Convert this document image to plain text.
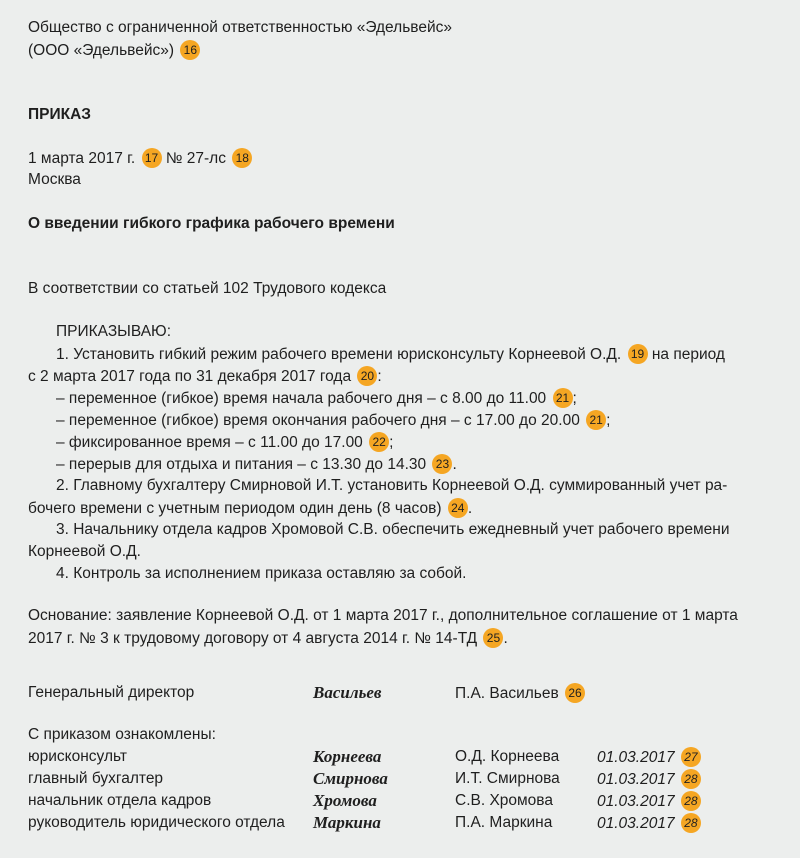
Общество с ограниченной ответственностью «Эдельвейс»
(ООО «Эдельвейс») 16
ПРИКАЗ
1 марта 2017 г. 17 № 27-лс 18
Москва
О введении гибкого графика рабочего времени
В соответствии со статьей 102 Трудового кодекса
ПРИКАЗЫВАЮ:
1. Установить гибкий режим рабочего времени юрисконсульту Корнеевой О.Д. 19 на период
с 2 марта 2017 года по 31 декабря 2017 года 20 :
– переменное (гибкое) время начала рабочего дня – с 8.00 до 11.00 21 ;
– переменное (гибкое) время окончания рабочего дня – с 17.00 до 20.00 21 ;
– фиксированное время – с 11.00 до 17.00 22 ;
– перерыв для отдыха и питания – с 13.30 до 14.30 23 .
2. Главному бухгалтеру Смирновой И.Т. установить Корнеевой О.Д. суммированный учет ра-
бочего времени с учетным периодом один день (8 часов) 24 .
3. Начальнику отдела кадров Хромовой С.В. обеспечить ежедневный учет рабочего времени
Корнеевой О.Д.
4. Контроль за исполнением приказа оставляю за собой.
Основание: заявление Корнеевой О.Д. от 1 марта 2017 г., дополнительное соглашение от 1 марта
2017 г. № 3 к трудовому договору от 4 августа 2014 г. № 14-ТД 25 .
Генеральный директор	Васильев	П.А. Васильев 26
С приказом ознакомлены:
юрисконсульт	Корнеева	О.Д. Корнеева 01.03.2017 27
главный бухгалтер	Смирнова	И.Т. Смирнова 01.03.2017 28
начальник отдела кадров	Хромова	С.В. Хромова	01.03.2017 28
руководитель юридического отдела Маркина	П.А. Маркина	01.03.2017 28
